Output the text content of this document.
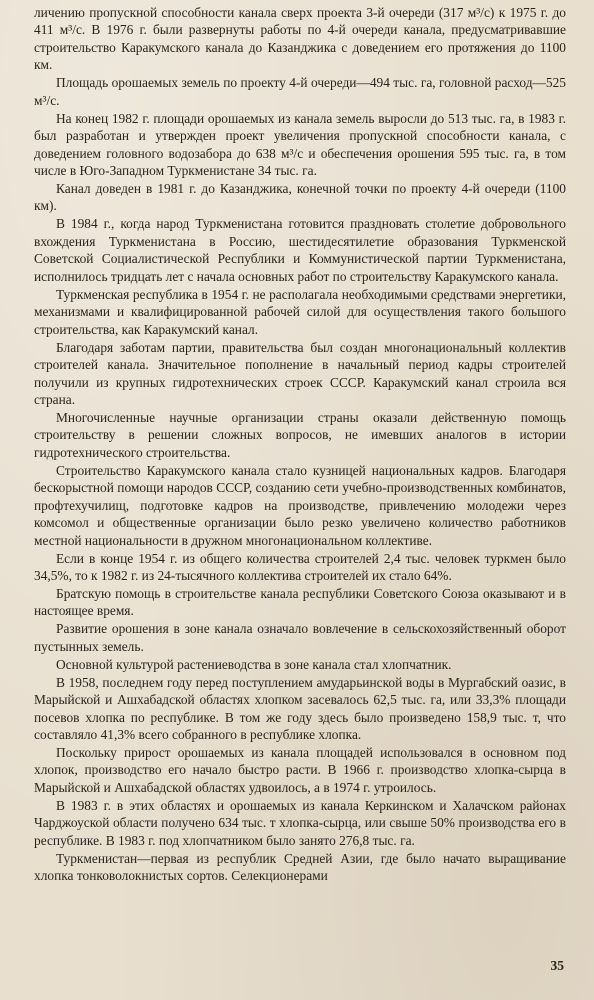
личению пропускной способности канала сверх проекта 3-й очереди (317 м³/с) к 1975 г. до 411 м³/с. В 1976 г. были развернуты работы по 4-й очереди канала, предусматривавшие строительство Каракумского канала до Казанджика с доведением его протяжения до 1100 км.

Площадь орошаемых земель по проекту 4-й очереди—494 тыс. га, головной расход—525 м³/с.

На конец 1982 г. площади орошаемых из канала земель выросли до 513 тыс. га, в 1983 г. был разработан и утвержден проект увеличения пропускной способности канала, с доведением головного водозабора до 638 м³/с и обеспечения орошения 595 тыс. га, в том числе в Юго-Западном Туркменистане 34 тыс. га.

Канал доведен в 1981 г. до Казанджика, конечной точки по проекту 4-й очереди (1100 км).

В 1984 г., когда народ Туркменистана готовится праздновать столетие добровольного вхождения Туркменистана в Россию, шестидесятилетие образования Туркменской Советской Социалистической Республики и Коммунистической партии Туркменистана, исполнилось тридцать лет с начала основных работ по строительству Каракумского канала.

Туркменская республика в 1954 г. не располагала необходимыми средствами энергетики, механизмами и квалифицированной рабочей силой для осуществления такого большого строительства, как Каракумский канал.

Благодаря заботам партии, правительства был создан многонациональный коллектив строителей канала. Значительное пополнение в начальный период кадры строителей получили из крупных гидротехнических строек СССР. Каракумский канал строила вся страна.

Многочисленные научные организации страны оказали действенную помощь строительству в решении сложных вопросов, не имевших аналогов в истории гидротехнического строительства.

Строительство Каракумского канала стало кузницей национальных кадров. Благодаря бескорыстной помощи народов СССР, созданию сети учебно-производственных комбинатов, профтехучилищ, подготовке кадров на производстве, привлечению молодежи через комсомол и общественные организации было резко увеличено количество работников местной национальности в дружном многонациональном коллективе.

Если в конце 1954 г. из общего количества строителей 2,4 тыс. человек туркмен было 34,5%, то к 1982 г. из 24-тысячного коллектива строителей их стало 64%.

Братскую помощь в строительстве канала республики Советского Союза оказывают и в настоящее время.

Развитие орошения в зоне канала означало вовлечение в сельскохозяйственный оборот пустынных земель.

Основной культурой растениеводства в зоне канала стал хлопчатник.

В 1958, последнем году перед поступлением амударьинской воды в Мургабский оазис, в Марыйской и Ашхабадской областях хлопком засевалось 62,5 тыс. га, или 33,3% площади посевов хлопка по республике. В том же году здесь было произведено 158,9 тыс. т, что составляло 41,3% всего собранного в республике хлопка.

Поскольку прирост орошаемых из канала площадей использовался в основном под хлопок, производство его начало быстро расти. В 1966 г. производство хлопка-сырца в Марыйской и Ашхабадской областях удвоилось, а в 1974 г. утроилось.

В 1983 г. в этих областях и орошаемых из канала Керкинском и Халачском районах Чарджоуской области получено 634 тыс. т хлопка-сырца, или свыше 50% производства его в республике. В 1983 г. под хлопчатником было занято 276,8 тыс. га.

Туркменистан—первая из республик Средней Азии, где было начато выращивание хлопка тонковолокнистых сортов. Селекционерами

35
